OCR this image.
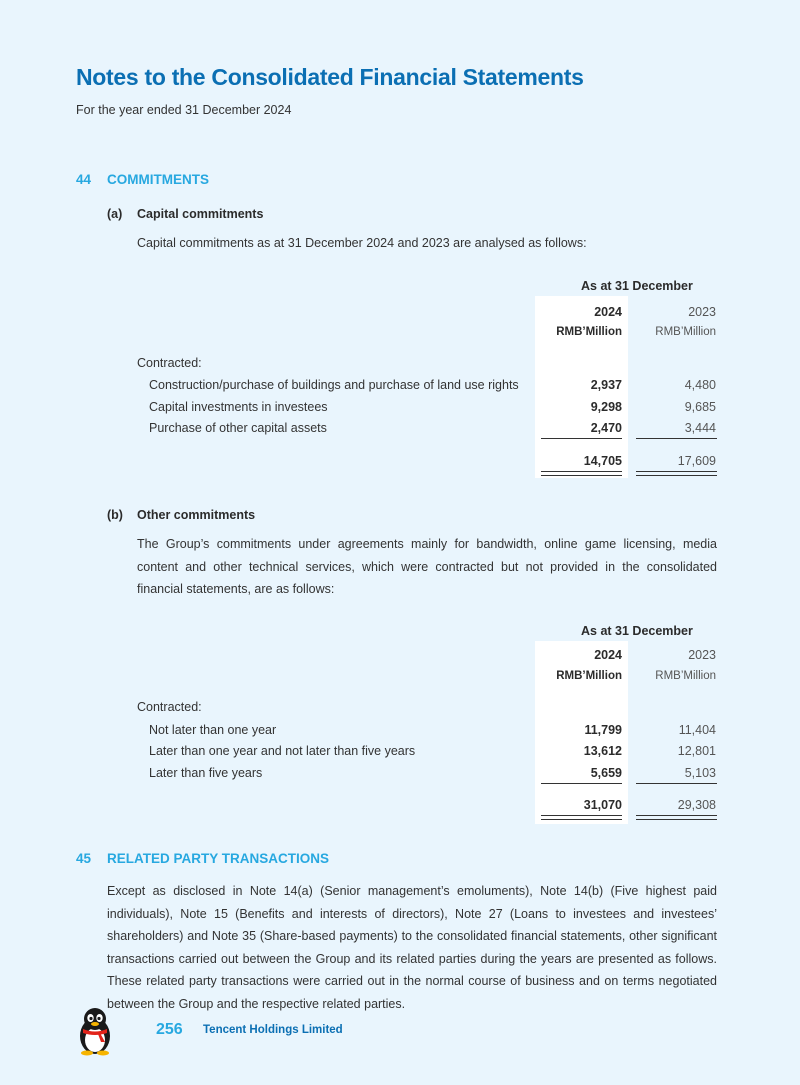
Notes to the Consolidated Financial Statements
For the year ended 31 December 2024
44 COMMITMENTS
(a) Capital commitments
Capital commitments as at 31 December 2024 and 2023 are analysed as follows:
As at 31 December
2024	2023
RMB’Million	RMB’Million
Contracted:
Construction/purchase of buildings and purchase of land use rights	2,937	4,480
Capital investments in investees	9,298	9,685
Purchase of other capital assets	2,470	3,444
14,705	17,609
(b) Other commitments
The Group’s commitments under agreements mainly for bandwidth, online game licensing, media content and other technical services, which were contracted but not provided in the consolidated financial statements, are as follows:
As at 31 December
2024	2023
RMB’Million	RMB’Million
Contracted:
Not later than one year	11,799	11,404
Later than one year and not later than five years	13,612	12,801
Later than five years	5,659	5,103
31,070	29,308
45 RELATED PARTY TRANSACTIONS
Except as disclosed in Note 14(a) (Senior management’s emoluments), Note 14(b) (Five highest paid individuals), Note 15 (Benefits and interests of directors), Note 27 (Loans to investees and investees’ shareholders) and Note 35 (Share-based payments) to the consolidated financial statements, other significant transactions carried out between the Group and its related parties during the years are presented as follows. These related party transactions were carried out in the normal course of business and on terms negotiated between the Group and the respective related parties.
256 Tencent Holdings Limited
